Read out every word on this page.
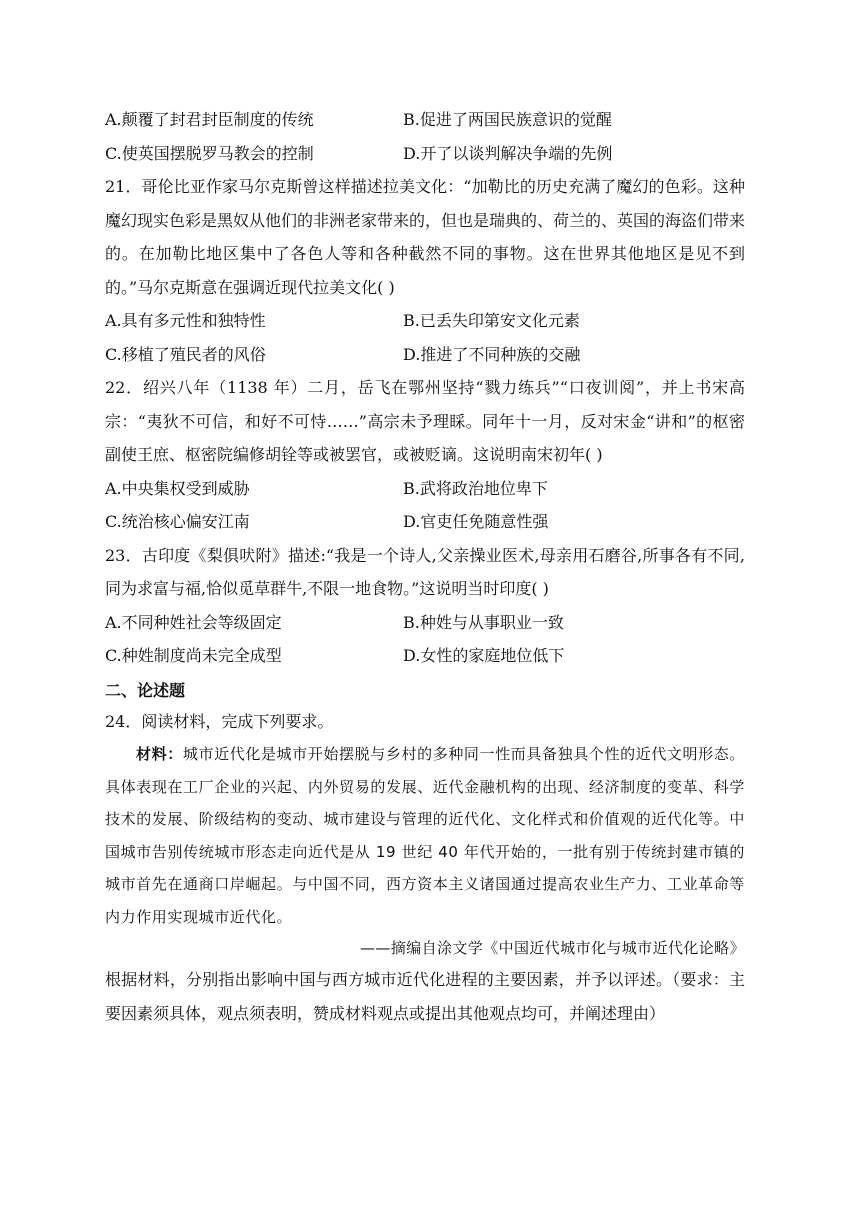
A.颠覆了封君封臣制度的传统	B.促进了两国民族意识的觉醒
C.使英国摆脱罗马教会的控制	D.开了以谈判解决争端的先例
21．哥伦比亚作家马尔克斯曾这样描述拉美文化：“加勒比的历史充满了魔幻的色彩。这种魔幻现实色彩是黑奴从他们的非洲老家带来的，但也是瑞典的、荷兰的、英国的海盗们带来的。在加勒比地区集中了各色人等和各种截然不同的事物。这在世界其他地区是见不到的。”马尔克斯意在强调近现代拉美文化( )
A.具有多元性和独特性	B.已丢失印第安文化元素
C.移植了殖民者的风俗	D.推进了不同种族的交融
22．绍兴八年（1138 年）二月，岳飞在鄂州坚持“戮力练兵”“口夜训阅”，并上书宋高宗：“夷狄不可信，和好不可恃……”高宗未予理睬。同年十一月，反对宋金“讲和”的枢密副使王庶、枢密院编修胡铨等或被罢官，或被贬谪。这说明南宋初年( )
A.中央集权受到威胁	B.武将政治地位卑下
C.统治核心偏安江南	D.官吏任免随意性强
23．古印度《梨俱吠附》描述:“我是一个诗人,父亲操业医术,母亲用石磨谷,所事各有不同,同为求富与福,恰似觅草群牛,不限一地食物。”这说明当时印度( )
A.不同种姓社会等级固定	B.种姓与从事职业一致
C.种姓制度尚未完全成型	D.女性的家庭地位低下
二、论述题
24．阅读材料，完成下列要求。
材料：城市近代化是城市开始摆脱与乡村的多种同一性而具备独具个性的近代文明形态。具体表现在工厂企业的兴起、内外贸易的发展、近代金融机构的出现、经济制度的变革、科学技术的发展、阶级结构的变动、城市建设与管理的近代化、文化样式和价值观的近代化等。中国城市告别传统城市形态走向近代是从 19 世纪 40 年代开始的，一批有别于传统封建市镇的城市首先在通商口岸崛起。与中国不同，西方资本主义诸国通过提高农业生产力、工业革命等内力作用实现城市近代化。
——摘编自涂文学《中国近代城市化与城市近代化论略》
根据材料，分别指出影响中国与西方城市近代化进程的主要因素，并予以评述。（要求：主要因素须具体，观点须表明，赞成材料观点或提出其他观点均可，并阐述理由）
